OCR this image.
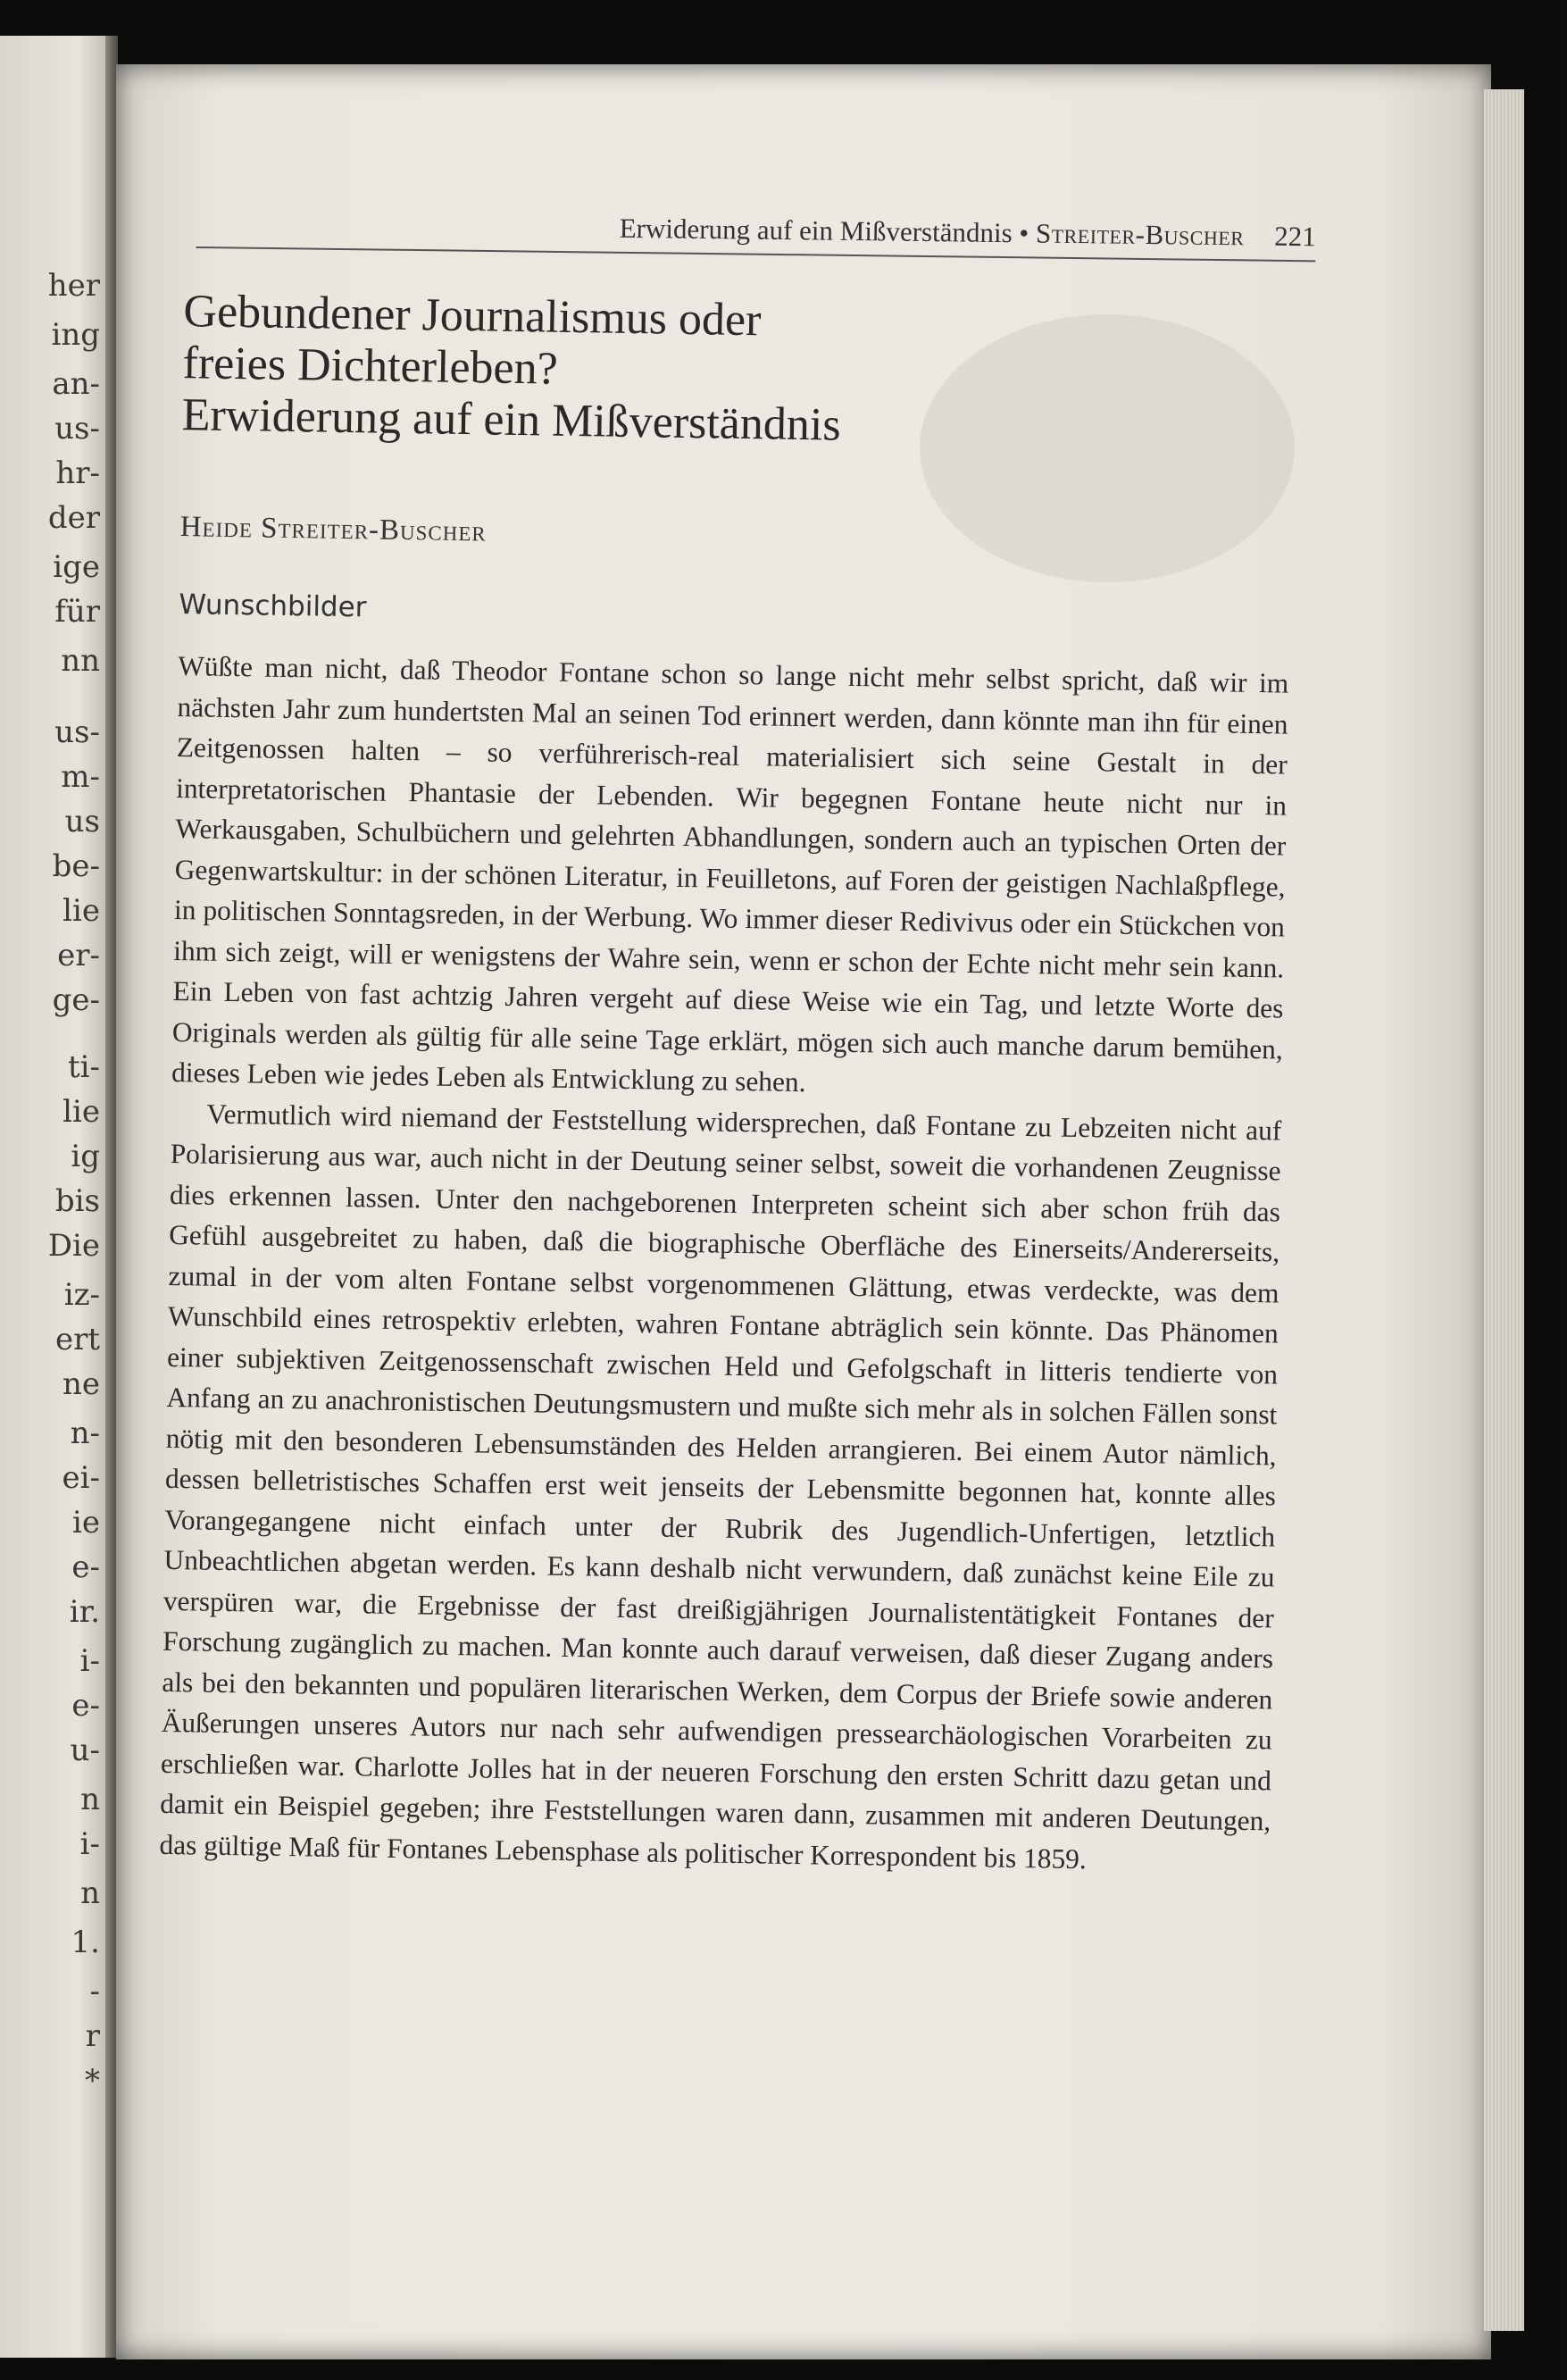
her
ing
an-
us-
hr-
der
ige
für
nn
us-
m-
us
be-
lie
er-
ge-
ti-
lie
ig
bis
Die
iz-
ert
ne
n-
ei-
ie
e-
ir.
i-
e-
u-
n
i-
n
1.
-
r
*
Erwiderung auf ein Mißverständnis • Streiter-Buscher 221
Gebundener Journalismus oder
freies Dichterleben?
Erwiderung auf ein Mißverständnis
Heide Streiter-Buscher
Wunschbilder

Wüßte man nicht, daß Theodor Fontane schon so lange nicht mehr selbst spricht, daß wir im nächsten Jahr zum hundertsten Mal an seinen Tod erinnert werden, dann könnte man ihn für einen Zeitgenossen halten – so verführerisch-real materialisiert sich seine Gestalt in der interpretatorischen Phantasie der Lebenden. Wir begegnen Fontane heute nicht nur in Werkausgaben, Schulbüchern und gelehrten Abhandlungen, sondern auch an typischen Orten der Gegenwartskultur: in der schönen Literatur, in Feuilletons, auf Foren der geistigen Nachlaßpflege, in politischen Sonntagsreden, in der Werbung. Wo immer dieser Redivivus oder ein Stückchen von ihm sich zeigt, will er wenigstens der Wahre sein, wenn er schon der Echte nicht mehr sein kann. Ein Leben von fast achtzig Jahren vergeht auf diese Weise wie ein Tag, und letzte Worte des Originals werden als gültig für alle seine Tage erklärt, mögen sich auch manche darum bemühen, dieses Leben wie jedes Leben als Entwicklung zu sehen.

Vermutlich wird niemand der Feststellung widersprechen, daß Fontane zu Lebzeiten nicht auf Polarisierung aus war, auch nicht in der Deutung seiner selbst, soweit die vorhandenen Zeugnisse dies erkennen lassen. Unter den nachgeborenen Interpreten scheint sich aber schon früh das Gefühl ausgebreitet zu haben, daß die biographische Oberfläche des Einerseits/Andererseits, zumal in der vom alten Fontane selbst vorgenommenen Glättung, etwas verdeckte, was dem Wunschbild eines retrospektiv erlebten, wahren Fontane abträglich sein könnte. Das Phänomen einer subjektiven Zeitgenossenschaft zwischen Held und Gefolgschaft in litteris tendierte von Anfang an zu anachronistischen Deutungsmustern und mußte sich mehr als in solchen Fällen sonst nötig mit den besonderen Lebensumständen des Helden arrangieren. Bei einem Autor nämlich, dessen belletristisches Schaffen erst weit jenseits der Lebensmitte begonnen hat, konnte alles Vorangegangene nicht einfach unter der Rubrik des Jugendlich-Unfertigen, letztlich Unbeachtlichen abgetan werden. Es kann deshalb nicht verwundern, daß zunächst keine Eile zu verspüren war, die Ergebnisse der fast dreißigjährigen Journalistentätigkeit Fontanes der Forschung zugänglich zu machen. Man konnte auch darauf verweisen, daß dieser Zugang anders als bei den bekannten und populären literarischen Werken, dem Corpus der Briefe sowie anderen Äußerungen unseres Autors nur nach sehr aufwendigen pressearchäologischen Vorarbeiten zu erschließen war. Charlotte Jolles hat in der neueren Forschung den ersten Schritt dazu getan und damit ein Beispiel gegeben; ihre Feststellungen waren dann, zusammen mit anderen Deutungen, das gültige Maß für Fontanes Lebensphase als politischer Korrespondent bis 1859.
